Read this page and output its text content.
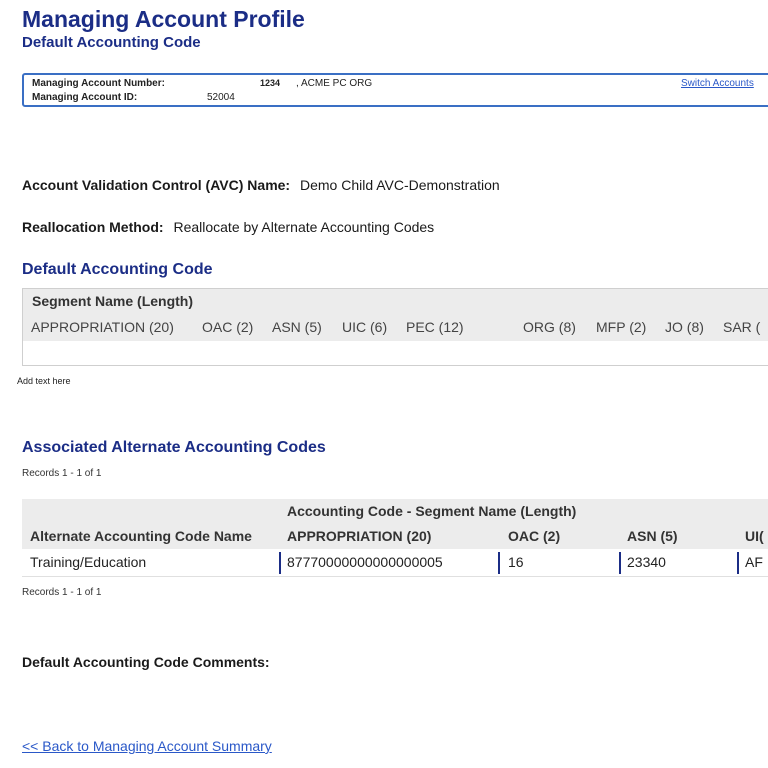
Managing Account Profile
Default Accounting Code
Managing Account Number:	1234 , ACME PC ORG
Managing Account ID:	52004
Switch Accounts
Account Validation Control (AVC) Name: Demo Child AVC-Demonstration
Reallocation Method: Reallocate by Alternate Accounting Codes
Default Accounting Code
Segment Name (Length)
APPROPRIATION (20) OAC (2) ASN (5) UIC (6) PEC (12)	ORG (8) MFP (2) JO (8) SAR (
Add text here
Associated Alternate Accounting Codes
Records 1 - 1 of 1
Accounting Code - Segment Name (Length)
Alternate Accounting Code Name	APPROPRIATION (20)	OAC (2)	ASN (5)	UI(
Training/Education	87770000000000000005	16	23340	AF
Records 1 - 1 of 1
Default Accounting Code Comments:
<< Back to Managing Account Summary
